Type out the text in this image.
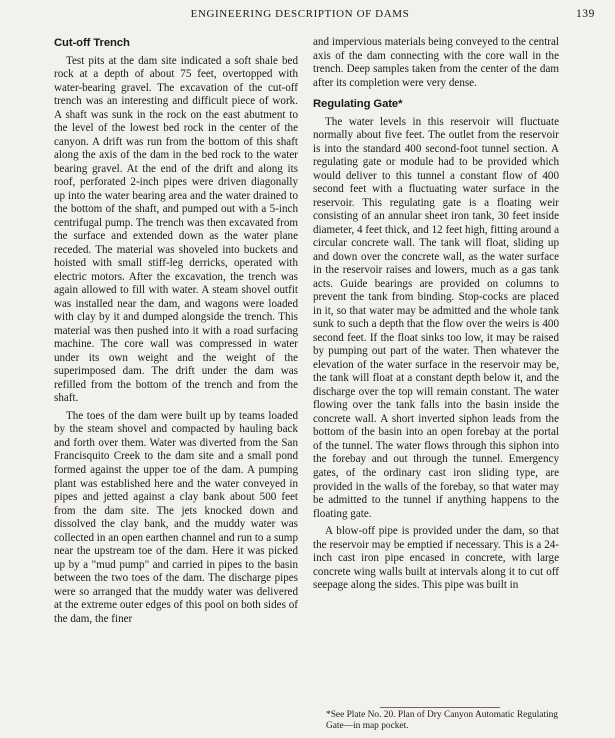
ENGINEERING DESCRIPTION OF DAMS	139
Cut-off Trench

Test pits at the dam site indicated a soft shale bed rock at a depth of about 75 feet, overtopped with water-bearing gravel. The excavation of the cut-off trench was an interesting and difficult piece of work. A shaft was sunk in the rock on the east abutment to the level of the lowest bed rock in the center of the canyon. A drift was run from the bottom of this shaft along the axis of the dam in the bed rock to the water bearing gravel. At the end of the drift and along its roof, perforated 2-inch pipes were driven diagonally up into the water bearing area and the water drained to the bottom of the shaft, and pumped out with a 5-inch centrifugal pump. The trench was then excavated from the surface and extended down as the water plane receded. The material was shoveled into buckets and hoisted with small stiff-leg derricks, operated with electric motors. After the excavation, the trench was again allowed to fill with water. A steam shovel outfit was installed near the dam, and wagons were loaded with clay by it and dumped alongside the trench. This material was then pushed into it with a road surfacing machine. The core wall was compressed in water under its own weight and the weight of the superimposed dam. The drift under the dam was refilled from the bottom of the trench and from the shaft.

The toes of the dam were built up by teams loaded by the steam shovel and compacted by hauling back and forth over them. Water was diverted from the San Francisquito Creek to the dam site and a small pond formed against the upper toe of the dam. A pumping plant was established here and the water conveyed in pipes and jetted against a clay bank about 500 feet from the dam site. The jets knocked down and dissolved the clay bank, and the muddy water was collected in an open earthen channel and run to a sump near the upstream toe of the dam. Here it was picked up by a "mud pump" and carried in pipes to the basin between the two toes of the dam. The discharge pipes were so arranged that the muddy water was delivered at the extreme outer edges of this pool on both sides of the dam, the finer

and impervious materials being conveyed to the central axis of the dam connecting with the core wall in the trench. Deep samples taken from the center of the dam after its completion were very dense.

Regulating Gate*

The water levels in this reservoir will fluctuate normally about five feet. The outlet from the reservoir is into the standard 400 second-foot tunnel section. A regulating gate or module had to be provided which would deliver to this tunnel a constant flow of 400 second feet with a fluctuating water surface in the reservoir. This regulating gate is a floating weir consisting of an annular sheet iron tank, 30 feet inside diameter, 4 feet thick, and 12 feet high, fitting around a circular concrete wall. The tank will float, sliding up and down over the concrete wall, as the water surface in the reservoir raises and lowers, much as a gas tank acts. Guide bearings are provided on columns to prevent the tank from binding. Stop-cocks are placed in it, so that water may be admitted and the whole tank sunk to such a depth that the flow over the weirs is 400 second feet. If the float sinks too low, it may be raised by pumping out part of the water. Then whatever the elevation of the water surface in the reservoir may be, the tank will float at a constant depth below it, and the discharge over the top will remain constant. The water flowing over the tank falls into the basin inside the concrete wall. A short inverted siphon leads from the bottom of the basin into an open forebay at the portal of the tunnel. The water flows through this siphon into the forebay and out through the tunnel. Emergency gates, of the ordinary cast iron sliding type, are provided in the walls of the forebay, so that water may be admitted to the tunnel if anything happens to the floating gate.

A blow-off pipe is provided under the dam, so that the reservoir may be emptied if necessary. This is a 24-inch cast iron pipe encased in concrete, with large concrete wing walls built at intervals along it to cut off seepage along the sides. This pipe was built in

*See Plate No. 20. Plan of Dry Canyon Automatic Regulating Gate—in map pocket.
